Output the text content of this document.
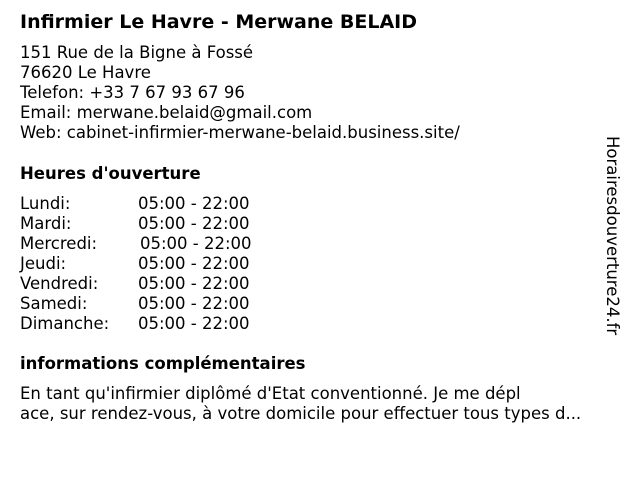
Infirmier Le Havre - Merwane BELAID
151 Rue de la Bigne à Fossé
76620 Le Havre
Telefon: +33 7 67 93 67 96
Email: merwane.belaid@gmail.com
Web: cabinet-infirmier-merwane-belaid.business.site/
Heures d'ouverture
Lundi:	05:00 - 22:00
Mardi:	05:00 - 22:00
Mercredi:	05:00 - 22:00
Jeudi:	05:00 - 22:00
Vendredi: 05:00 - 22:00
Samedi:	05:00 - 22:00
Dimanche: 05:00 - 22:00
informations complémentaires
En tant qu'infirmier diplômé d'Etat conventionné. Je me dépl
ace, sur rendez-vous, à votre domicile pour effectuer tous types d...
Horairesdouverture24.fr
